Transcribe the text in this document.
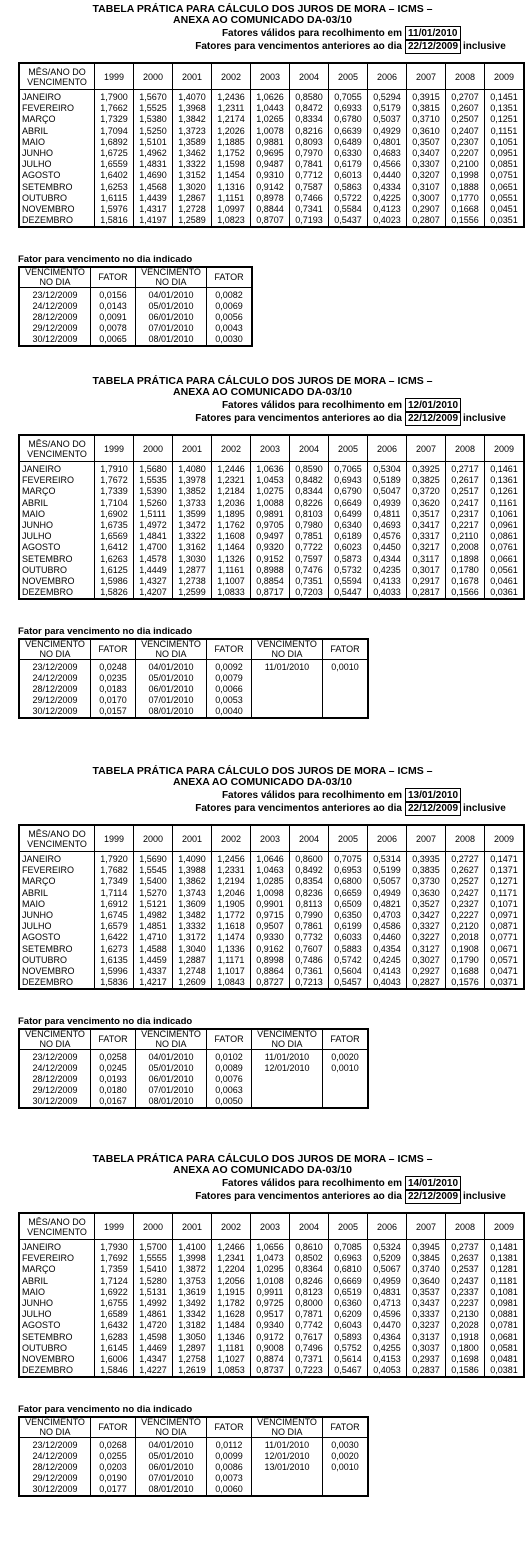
TABELA PRÁTICA PARA CÁLCULO DOS JUROS DE MORA – ICMS –
ANEXA AO COMUNICADO DA-03/10
Fatores válidos para recolhimento em 11/01/2010
Fatores para vencimentos anteriores ao dia 22/12/2009 inclusive
MÊS/ANO DO VENCIMENTO	1999	2000	2001	2002	2003	2004	2005	2006	2007	2008	2009
JANEIRO	1,7900	1,5670	1,4070	1,2436	1,0626	0,8580	0,7055	0,5294	0,3915	0,2707	0,1451
FEVEREIRO	1,7662	1,5525	1,3968	1,2311	1,0443	0,8472	0,6933	0,5179	0,3815	0,2607	0,1351
MARÇO	1,7329	1,5380	1,3842	1,2174	1,0265	0,8334	0,6780	0,5037	0,3710	0,2507	0,1251
ABRIL	1,7094	1,5250	1,3723	1,2026	1,0078	0,8216	0,6639	0,4929	0,3610	0,2407	0,1151
MAIO	1,6892	1,5101	1,3589	1,1885	0,9881	0,8093	0,6489	0,4801	0,3507	0,2307	0,1051
JUNHO	1,6725	1,4962	1,3462	1,1752	0,9695	0,7970	0,6330	0,4683	0,3407	0,2207	0,0951
JULHO	1,6559	1,4831	1,3322	1,1598	0,9487	0,7841	0,6179	0,4566	0,3307	0,2100	0,0851
AGOSTO	1,6402	1,4690	1,3152	1,1454	0,9310	0,7712	0,6013	0,4440	0,3207	0,1998	0,0751
SETEMBRO	1,6253	1,4568	1,3020	1,1316	0,9142	0,7587	0,5863	0,4334	0,3107	0,1888	0,0651
OUTUBRO	1,6115	1,4439	1,2867	1,1151	0,8978	0,7466	0,5722	0,4225	0,3007	0,1770	0,0551
NOVEMBRO	1,5976	1,4317	1,2728	1,0997	0,8844	0,7341	0,5584	0,4123	0,2907	0,1668	0,0451
DEZEMBRO	1,5816	1,4197	1,2589	1,0823	0,8707	0,7193	0,5437	0,4023	0,2807	0,1556	0,0351
Fator para vencimento no dia indicado
VENCIMENTO NO DIA	FATOR	VENCIMENTO NO DIA	FATOR
23/12/2009	0,0156	04/01/2010	0,0082
24/12/2009	0,0143	05/01/2010	0,0069
28/12/2009	0,0091	06/01/2010	0,0056
29/12/2009	0,0078	07/01/2010	0,0043
30/12/2009	0,0065	08/01/2010	0,0030
TABELA PRÁTICA PARA CÁLCULO DOS JUROS DE MORA – ICMS –
ANEXA AO COMUNICADO DA-03/10
Fatores válidos para recolhimento em 12/01/2010
Fatores para vencimentos anteriores ao dia 22/12/2009 inclusive
MÊS/ANO DO VENCIMENTO	1999	2000	2001	2002	2003	2004	2005	2006	2007	2008	2009
JANEIRO	1,7910	1,5680	1,4080	1,2446	1,0636	0,8590	0,7065	0,5304	0,3925	0,2717	0,1461
FEVEREIRO	1,7672	1,5535	1,3978	1,2321	1,0453	0,8482	0,6943	0,5189	0,3825	0,2617	0,1361
MARÇO	1,7339	1,5390	1,3852	1,2184	1,0275	0,8344	0,6790	0,5047	0,3720	0,2517	0,1261
ABRIL	1,7104	1,5260	1,3733	1,2036	1,0088	0,8226	0,6649	0,4939	0,3620	0,2417	0,1161
MAIO	1,6902	1,5111	1,3599	1,1895	0,9891	0,8103	0,6499	0,4811	0,3517	0,2317	0,1061
JUNHO	1,6735	1,4972	1,3472	1,1762	0,9705	0,7980	0,6340	0,4693	0,3417	0,2217	0,0961
JULHO	1,6569	1,4841	1,3322	1,1608	0,9497	0,7851	0,6189	0,4576	0,3317	0,2110	0,0861
AGOSTO	1,6412	1,4700	1,3162	1,1464	0,9320	0,7722	0,6023	0,4450	0,3217	0,2008	0,0761
SETEMBRO	1,6263	1,4578	1,3030	1,1326	0,9152	0,7597	0,5873	0,4344	0,3117	0,1898	0,0661
OUTUBRO	1,6125	1,4449	1,2877	1,1161	0,8988	0,7476	0,5732	0,4235	0,3017	0,1780	0,0561
NOVEMBRO	1,5986	1,4327	1,2738	1,1007	0,8854	0,7351	0,5594	0,4133	0,2917	0,1678	0,0461
DEZEMBRO	1,5826	1,4207	1,2599	1,0833	0,8717	0,7203	0,5447	0,4033	0,2817	0,1566	0,0361
Fator para vencimento no dia indicado
VENCIMENTO NO DIA	FATOR	VENCIMENTO NO DIA	FATOR	VENCIMENTO NO DIA	FATOR
23/12/2009	0,0248	04/01/2010	0,0092	11/01/2010	0,0010
24/12/2009	0,0235	05/01/2010	0,0079		
28/12/2009	0,0183	06/01/2010	0,0066		
29/12/2009	0,0170	07/01/2010	0,0053		
30/12/2009	0,0157	08/01/2010	0,0040		
TABELA PRÁTICA PARA CÁLCULO DOS JUROS DE MORA – ICMS –
ANEXA AO COMUNICADO DA-03/10
Fatores válidos para recolhimento em 13/01/2010
Fatores para vencimentos anteriores ao dia 22/12/2009 inclusive
MÊS/ANO DO VENCIMENTO	1999	2000	2001	2002	2003	2004	2005	2006	2007	2008	2009
JANEIRO	1,7920	1,5690	1,4090	1,2456	1,0646	0,8600	0,7075	0,5314	0,3935	0,2727	0,1471
FEVEREIRO	1,7682	1,5545	1,3988	1,2331	1,0463	0,8492	0,6953	0,5199	0,3835	0,2627	0,1371
MARÇO	1,7349	1,5400	1,3862	1,2194	1,0285	0,8354	0,6800	0,5057	0,3730	0,2527	0,1271
ABRIL	1,7114	1,5270	1,3743	1,2046	1,0098	0,8236	0,6659	0,4949	0,3630	0,2427	0,1171
MAIO	1,6912	1,5121	1,3609	1,1905	0,9901	0,8113	0,6509	0,4821	0,3527	0,2327	0,1071
JUNHO	1,6745	1,4982	1,3482	1,1772	0,9715	0,7990	0,6350	0,4703	0,3427	0,2227	0,0971
JULHO	1,6579	1,4851	1,3332	1,1618	0,9507	0,7861	0,6199	0,4586	0,3327	0,2120	0,0871
AGOSTO	1,6422	1,4710	1,3172	1,1474	0,9330	0,7732	0,6033	0,4460	0,3227	0,2018	0,0771
SETEMBRO	1,6273	1,4588	1,3040	1,1336	0,9162	0,7607	0,5883	0,4354	0,3127	0,1908	0,0671
OUTUBRO	1,6135	1,4459	1,2887	1,1171	0,8998	0,7486	0,5742	0,4245	0,3027	0,1790	0,0571
NOVEMBRO	1,5996	1,4337	1,2748	1,1017	0,8864	0,7361	0,5604	0,4143	0,2927	0,1688	0,0471
DEZEMBRO	1,5836	1,4217	1,2609	1,0843	0,8727	0,7213	0,5457	0,4043	0,2827	0,1576	0,0371
Fator para vencimento no dia indicado
VENCIMENTO NO DIA	FATOR	VENCIMENTO NO DIA	FATOR	VENCIMENTO NO DIA	FATOR
23/12/2009	0,0258	04/01/2010	0,0102	11/01/2010	0,0020
24/12/2009	0,0245	05/01/2010	0,0089	12/01/2010	0,0010
28/12/2009	0,0193	06/01/2010	0,0076		
29/12/2009	0,0180	07/01/2010	0,0063		
30/12/2009	0,0167	08/01/2010	0,0050		
TABELA PRÁTICA PARA CÁLCULO DOS JUROS DE MORA – ICMS –
ANEXA AO COMUNICADO DA-03/10
Fatores válidos para recolhimento em 14/01/2010
Fatores para vencimentos anteriores ao dia 22/12/2009 inclusive
MÊS/ANO DO VENCIMENTO	1999	2000	2001	2002	2003	2004	2005	2006	2007	2008	2009
JANEIRO	1,7930	1,5700	1,4100	1,2466	1,0656	0,8610	0,7085	0,5324	0,3945	0,2737	0,1481
FEVEREIRO	1,7692	1,5555	1,3998	1,2341	1,0473	0,8502	0,6963	0,5209	0,3845	0,2637	0,1381
MARÇO	1,7359	1,5410	1,3872	1,2204	1,0295	0,8364	0,6810	0,5067	0,3740	0,2537	0,1281
ABRIL	1,7124	1,5280	1,3753	1,2056	1,0108	0,8246	0,6669	0,4959	0,3640	0,2437	0,1181
MAIO	1,6922	1,5131	1,3619	1,1915	0,9911	0,8123	0,6519	0,4831	0,3537	0,2337	0,1081
JUNHO	1,6755	1,4992	1,3492	1,1782	0,9725	0,8000	0,6360	0,4713	0,3437	0,2237	0,0981
JULHO	1,6589	1,4861	1,3342	1,1628	0,9517	0,7871	0,6209	0,4596	0,3337	0,2130	0,0881
AGOSTO	1,6432	1,4720	1,3182	1,1484	0,9340	0,7742	0,6043	0,4470	0,3237	0,2028	0,0781
SETEMBRO	1,6283	1,4598	1,3050	1,1346	0,9172	0,7617	0,5893	0,4364	0,3137	0,1918	0,0681
OUTUBRO	1,6145	1,4469	1,2897	1,1181	0,9008	0,7496	0,5752	0,4255	0,3037	0,1800	0,0581
NOVEMBRO	1,6006	1,4347	1,2758	1,1027	0,8874	0,7371	0,5614	0,4153	0,2937	0,1698	0,0481
DEZEMBRO	1,5846	1,4227	1,2619	1,0853	0,8737	0,7223	0,5467	0,4053	0,2837	0,1586	0,0381
Fator para vencimento no dia indicado
VENCIMENTO NO DIA	FATOR	VENCIMENTO NO DIA	FATOR	VENCIMENTO NO DIA	FATOR
23/12/2009	0,0268	04/01/2010	0,0112	11/01/2010	0,0030
24/12/2009	0,0255	05/01/2010	0,0099	12/01/2010	0,0020
28/12/2009	0,0203	06/01/2010	0,0086	13/01/2010	0,0010
29/12/2009	0,0190	07/01/2010	0,0073		
30/12/2009	0,0177	08/01/2010	0,0060		
